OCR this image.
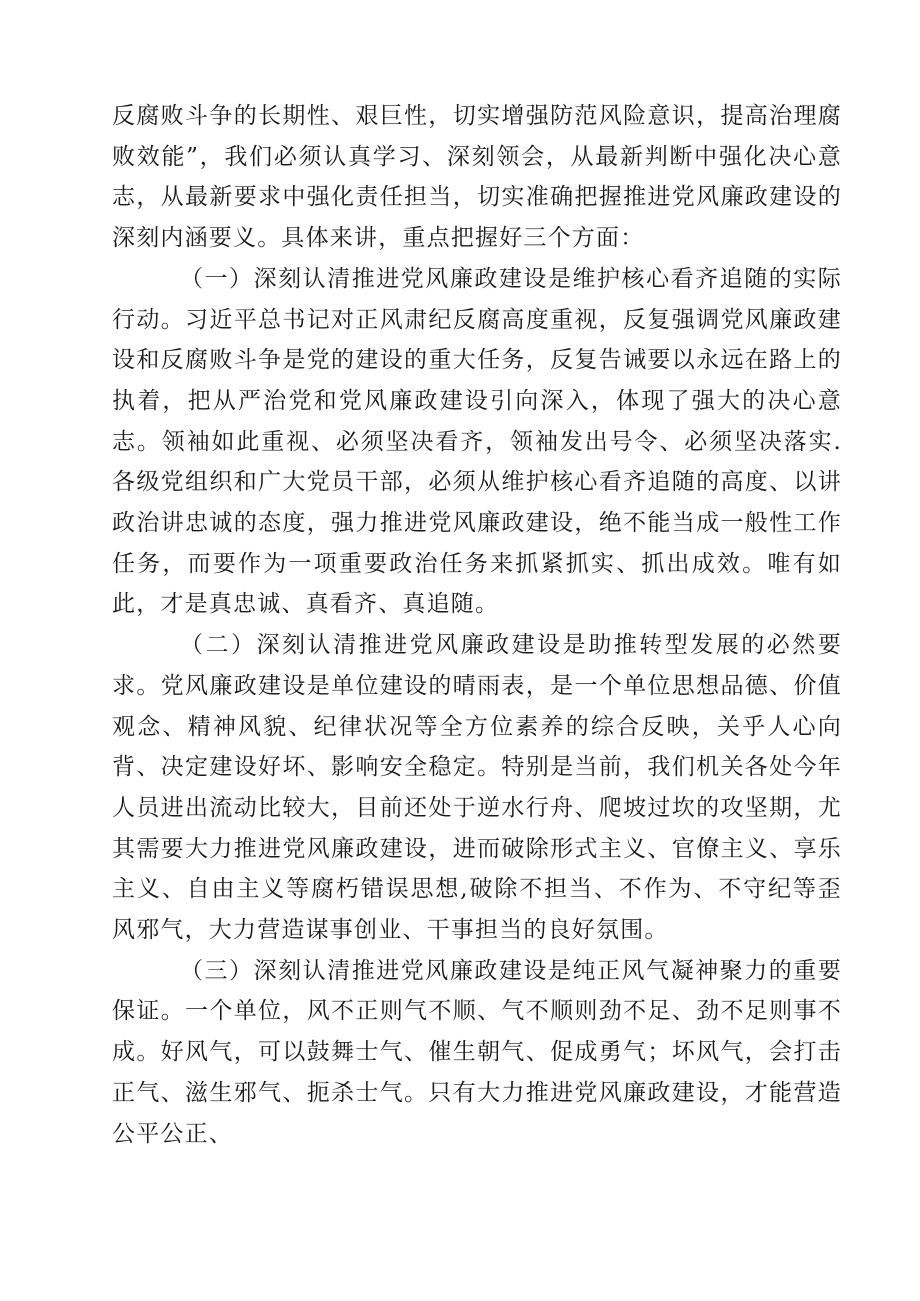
反腐败斗争的长期性、艰巨性，切实增强防范风险意识，提高治理腐败效能”，我们必须认真学习、深刻领会，从最新判断中强化决心意志，从最新要求中强化责任担当，切实准确把握推进党风廉政建设的深刻内涵要义。具体来讲，重点把握好三个方面：

（一）深刻认清推进党风廉政建设是维护核心看齐追随的实际行动。习近平总书记对正风肃纪反腐高度重视，反复强调党风廉政建设和反腐败斗争是党的建设的重大任务，反复告诫要以永远在路上的执着，把从严治党和党风廉政建设引向深入，体现了强大的决心意志。领袖如此重视、必须坚决看齐，领袖发出号令、必须坚决落实.各级党组织和广大党员干部，必须从维护核心看齐追随的高度、以讲政治讲忠诚的态度，强力推进党风廉政建设，绝不能当成一般性工作任务，而要作为一项重要政治任务来抓紧抓实、抓出成效。唯有如此，才是真忠诚、真看齐、真追随。

（二）深刻认清推进党风廉政建设是助推转型发展的必然要求。党风廉政建设是单位建设的晴雨表，是一个单位思想品德、价值观念、精神风貌、纪律状况等全方位素养的综合反映，关乎人心向背、决定建设好坏、影响安全稳定。特别是当前，我们机关各处今年人员进出流动比较大，目前还处于逆水行舟、爬坡过坎的攻坚期，尤其需要大力推进党风廉政建设，进而破除形式主义、官僚主义、享乐主义、自由主义等腐朽错误思想,破除不担当、不作为、不守纪等歪风邪气，大力营造谋事创业、干事担当的良好氛围。

（三）深刻认清推进党风廉政建设是纯正风气凝神聚力的重要保证。一个单位，风不正则气不顺、气不顺则劲不足、劲不足则事不成。好风气，可以鼓舞士气、催生朝气、促成勇气；坏风气，会打击正气、滋生邪气、扼杀士气。只有大力推进党风廉政建设，才能营造公平公正、
